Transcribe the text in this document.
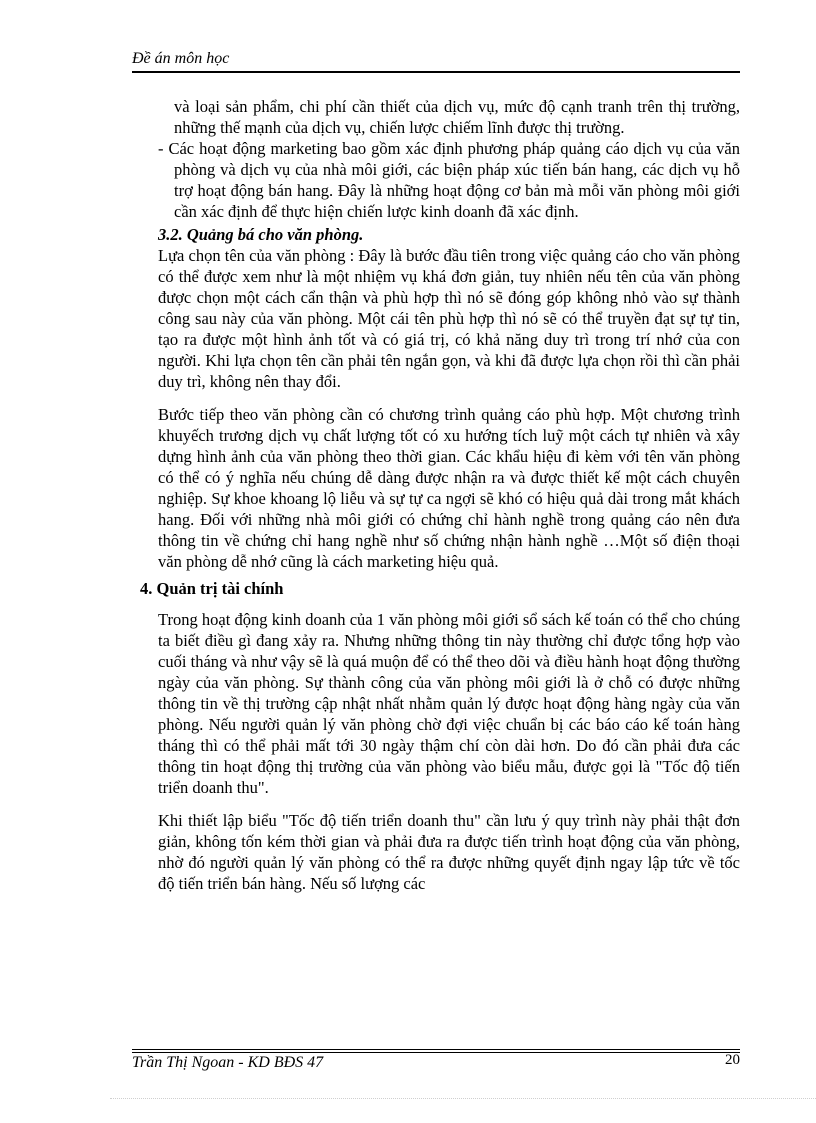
Đề án môn học

và loại sản phẩm, chi phí cần thiết của dịch vụ, mức độ cạnh tranh trên thị trường, những thế mạnh của dịch vụ, chiến lược chiếm lĩnh được thị trường.

- Các hoạt động marketing bao gồm xác định phương pháp quảng cáo dịch vụ của văn phòng và dịch vụ của nhà môi giới, các biện pháp xúc tiến bán hang, các dịch vụ hỗ trợ hoạt động bán hang. Đây là những hoạt động cơ bản mà mỗi văn phòng môi giới cần xác định để thực hiện chiến lược kinh doanh đã xác định.

3.2. Quảng bá cho văn phòng.

Lựa chọn tên của văn phòng : Đây là bước đầu tiên trong việc quảng cáo cho văn phòng có thể được xem như là một nhiệm vụ khá đơn giản, tuy nhiên nếu tên của văn phòng được chọn một cách cẩn thận và phù hợp thì nó sẽ đóng góp không nhỏ vào sự thành công sau này của văn phòng. Một cái tên phù hợp thì nó sẽ có thể truyền đạt sự tự tin, tạo ra được một hình ảnh tốt và có giá trị, có khả năng duy trì trong trí nhớ của con người. Khi lựa chọn tên cần phải tên ngắn gọn, và khi đã được lựa chọn rồi thì cần phải duy trì, không nên thay đổi.

Bước tiếp theo văn phòng cần có chương trình quảng cáo phù hợp. Một chương trình khuyếch trương dịch vụ chất lượng tốt có xu hướng tích luỹ một cách tự nhiên và xây dựng hình ảnh của văn phòng theo thời gian. Các khẩu hiệu đi kèm với tên văn phòng có thể có ý nghĩa nếu chúng dễ dàng được nhận ra và được thiết kế một cách chuyên nghiệp. Sự khoe khoang lộ liễu và sự tự ca ngợi sẽ khó có hiệu quả dài trong mắt khách hang. Đối với những nhà môi giới có chứng chỉ hành nghề trong quảng cáo nên đưa thông tin về chứng chỉ hang nghề như số chứng nhận hành nghề …Một số điện thoại văn phòng dễ nhớ cũng là cách marketing hiệu quả.

4. Quản trị tài chính

Trong hoạt động kinh doanh của 1 văn phòng môi giới sổ sách kế toán có thể cho chúng ta biết điều gì đang xảy ra. Nhưng những thông tin này thường chỉ được tổng hợp vào cuối tháng và như vậy sẽ là quá muộn để có thể theo dõi và điều hành hoạt động thường ngày của văn phòng. Sự thành công của văn phòng môi giới là ở chỗ có được những thông tin về thị trường cập nhật nhất nhằm quản lý được hoạt động hàng ngày của văn phòng. Nếu người quản lý văn phòng chờ đợi việc chuẩn bị các báo cáo kế toán hàng tháng thì có thể phải mất tới 30 ngày thậm chí còn dài hơn. Do đó cần phải đưa các thông tin hoạt động thị trường của văn phòng vào biểu mẫu, được gọi là "Tốc độ tiến triển doanh thu".

Khi thiết lập biểu "Tốc độ tiến triển doanh thu" cần lưu ý quy trình này phải thật đơn giản, không tốn kém thời gian và phải đưa ra được tiến trình hoạt động của văn phòng, nhờ đó người quản lý văn phòng có thể ra được những quyết định ngay lập tức về tốc độ tiến triển bán hàng. Nếu số lượng các

Trần Thị Ngoan - KD BĐS 47	20
